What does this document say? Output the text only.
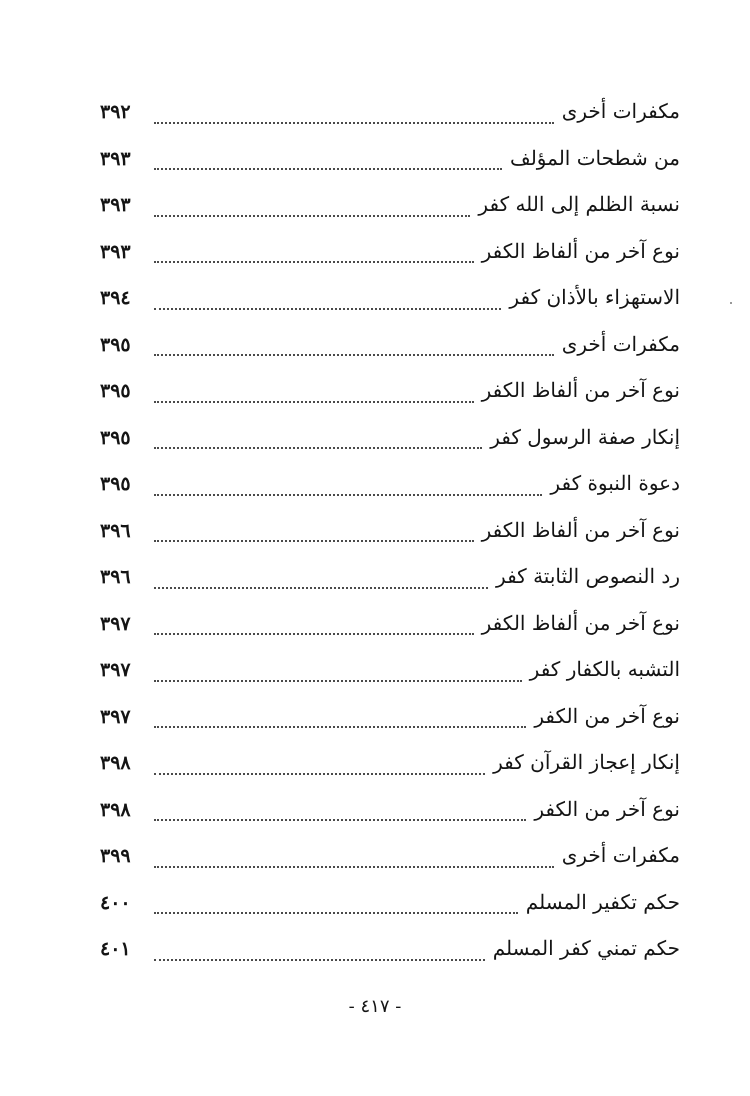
مكفرات أخرى
٣٩٢
من شطحات المؤلف
٣٩٣
نسبة الظلم إلى الله كفر
٣٩٣
نوع آخر من ألفاظ الكفر
٣٩٣
الاستهزاء بالأذان كفر
٣٩٤
مكفرات أخرى
٣٩٥
نوع آخر من ألفاظ الكفر
٣٩٥
إنكار صفة الرسول كفر
٣٩٥
دعوة النبوة كفر
٣٩٥
نوع آخر من ألفاظ الكفر
٣٩٦
رد النصوص الثابتة كفر
٣٩٦
نوع آخر من ألفاظ الكفر
٣٩٧
التشبه بالكفار كفر
٣٩٧
نوع آخر من الكفر
٣٩٧
إنكار إعجاز القرآن كفر
٣٩٨
نوع آخر من الكفر
٣٩٨
مكفرات أخرى
٣٩٩
حكم تكفير المسلم
٤٠٠
حكم تمني كفر المسلم
٤٠١
- ٤١٧ -
